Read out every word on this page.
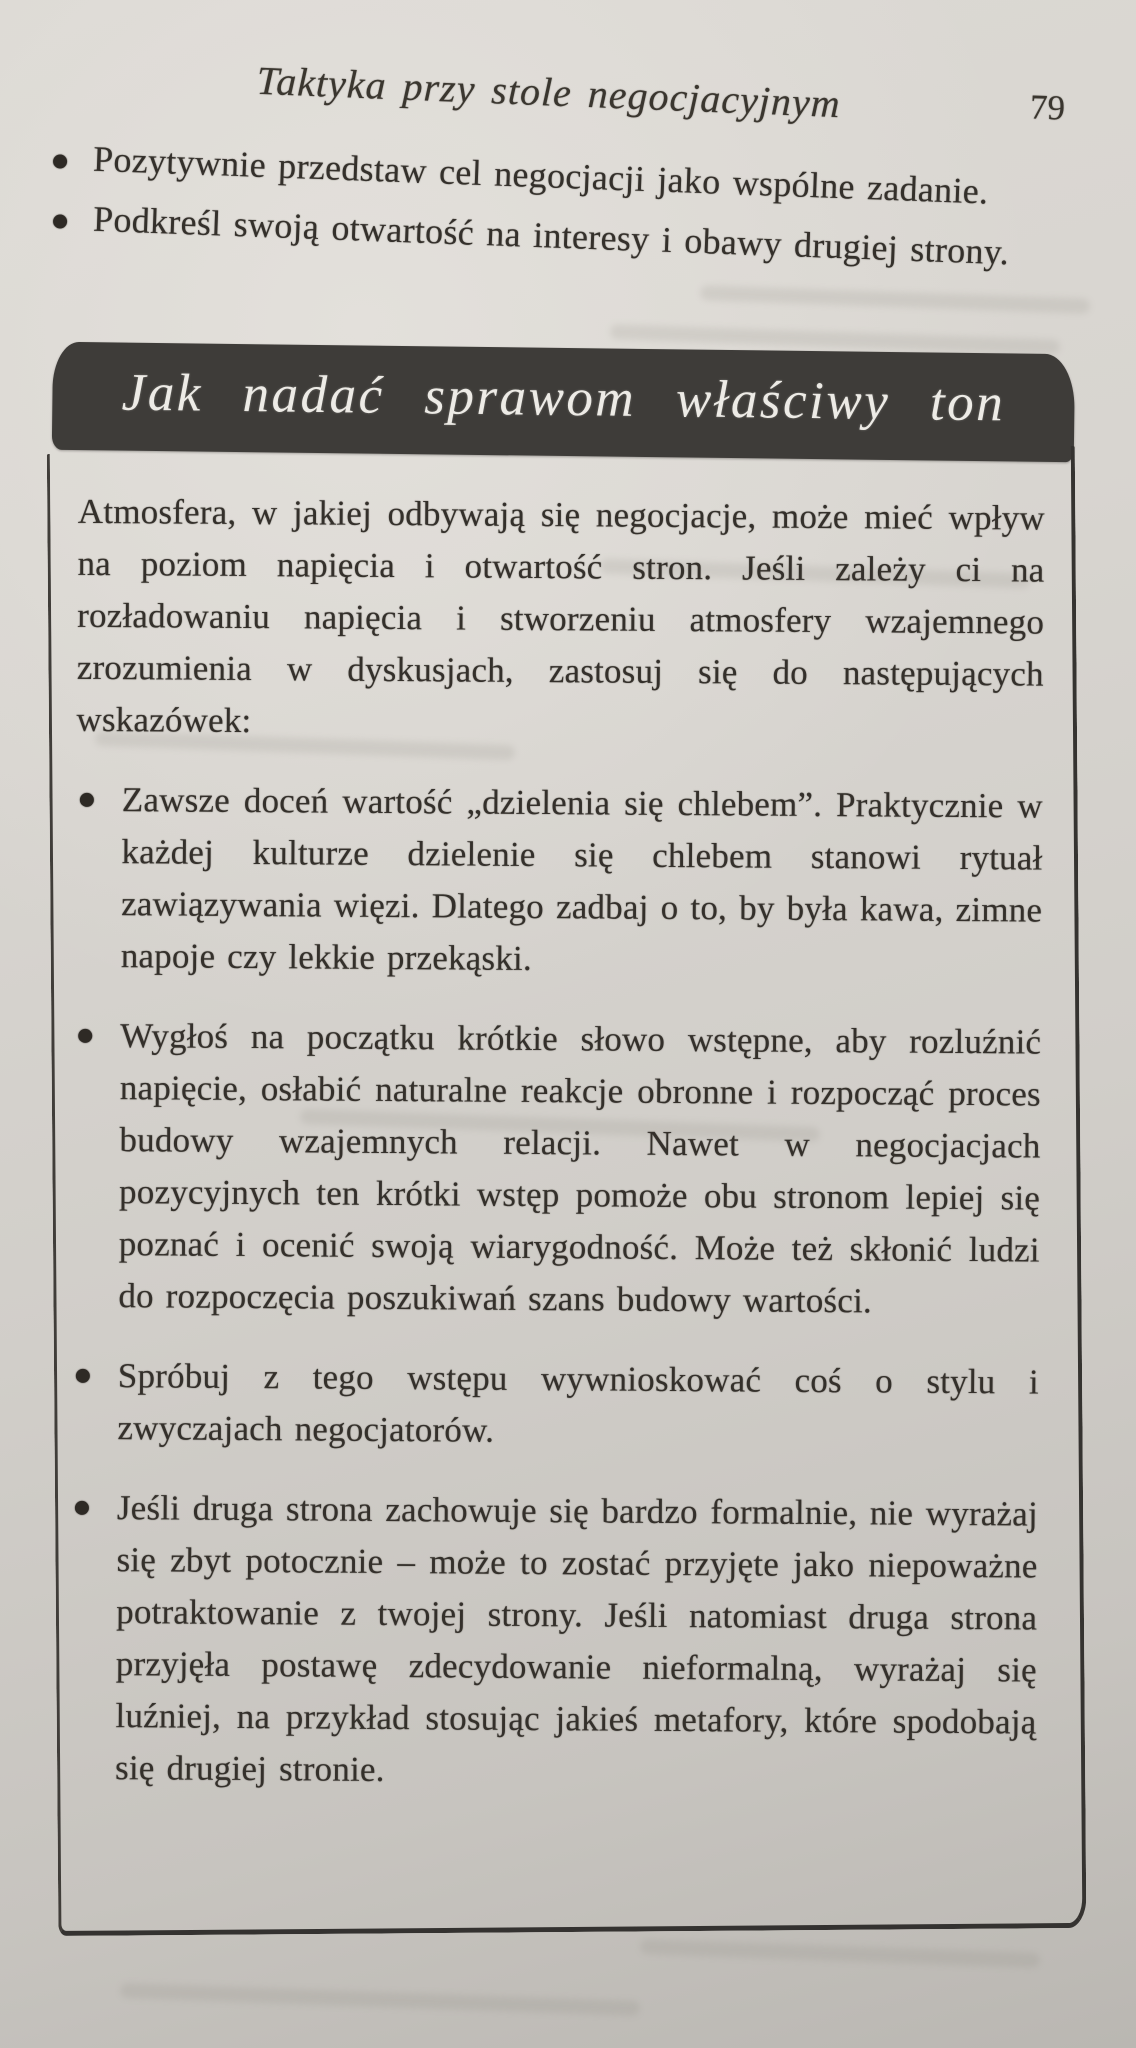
Taktyka przy stole negocjacyjnym	79
Pozytywnie przedstaw cel negocjacji jako wspólne zadanie.
Podkreśl swoją otwartość na interesy i obawy drugiej strony.
Jak nadać sprawom właściwy ton

Atmosfera, w jakiej odbywają się negocjacje, może mieć wpływ na poziom napięcia i otwartość stron. Jeśli zależy ci na rozładowaniu napięcia i stworzeniu atmosfery wzajemnego zrozumienia w dyskusjach, zastosuj się do następujących wskazówek:

Zawsze doceń wartość „dzielenia się chlebem”. Praktycznie w każdej kulturze dzielenie się chlebem stanowi rytuał zawiązywania więzi. Dlatego zadbaj o to, by była kawa, zimne napoje czy lekkie przekąski.
Wygłoś na początku krótkie słowo wstępne, aby rozluźnić napięcie, osłabić naturalne reakcje obronne i rozpocząć proces budowy wzajemnych relacji. Nawet w negocjacjach pozycyjnych ten krótki wstęp pomoże obu stronom lepiej się poznać i ocenić swoją wiarygodność. Może też skłonić ludzi do rozpoczęcia poszukiwań szans budowy wartości.
Spróbuj z tego wstępu wywnioskować coś o stylu i zwyczajach negocjatorów.
Jeśli druga strona zachowuje się bardzo formalnie, nie wyrażaj się zbyt potocznie – może to zostać przyjęte jako niepoważne potraktowanie z twojej strony. Jeśli natomiast druga strona przyjęła postawę zdecydowanie nieformalną, wyrażaj się luźniej, na przykład stosując jakieś metafory, które spodobają się drugiej stronie.
